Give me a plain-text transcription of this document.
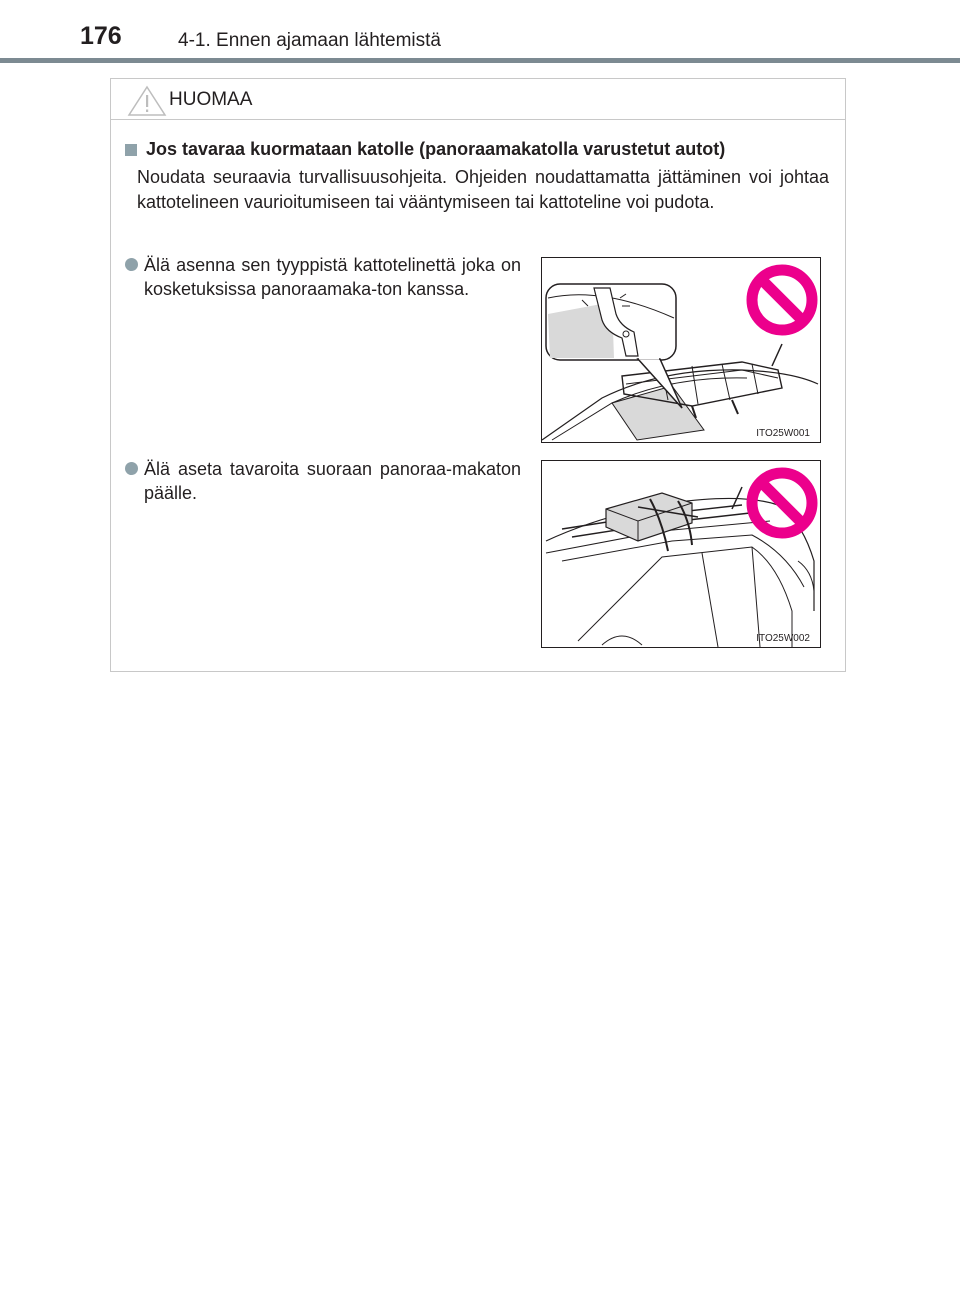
176	4-1. Ennen ajamaan lähtemistä
HUOMAA
Jos tavaraa kuormataan katolle (panoraamakatolla varustetut autot)
Noudata seuraavia turvallisuusohjeita. Ohjeiden noudattamatta jättäminen voi johtaa kattotelineen vaurioitumiseen tai vääntymiseen tai kattoteline voi pudota.
Älä asenna sen tyyppistä kattotelinettä joka on kosketuksissa panoraamaka-ton kanssa.
ITO25W001
Älä aseta tavaroita suoraan panoraa-makaton päälle.
ITO25W002
